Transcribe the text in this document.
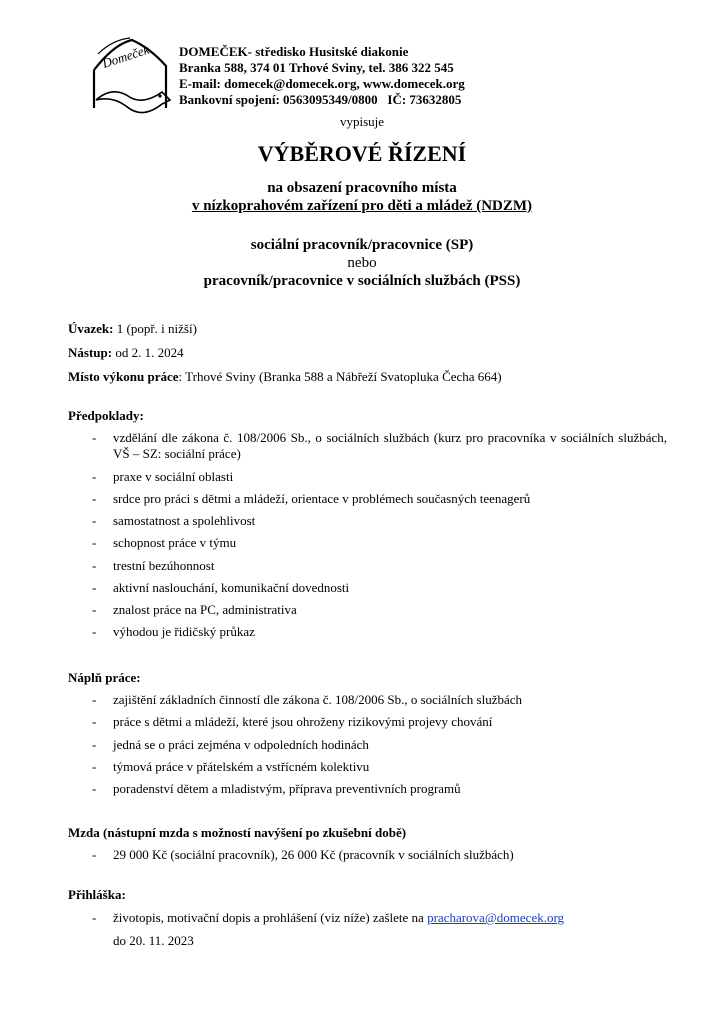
Domeček DOMEČEK- středisko Husitské diakonie
Branka 588, 374 01 Trhové Sviny, tel. 386 322 545
E-mail: domecek@domecek.org, www.domecek.org
Bankovní spojení: 0563095349/0800   IČ: 73632805
vypisuje
VÝBĚROVÉ ŘÍZENÍ
na obsazení pracovního místa
v nízkoprahovém zařízení pro děti a mládež (NDZM)
sociální pracovník/pracovnice (SP)
nebo
pracovník/pracovnice v sociálních službách (PSS)
Úvazek: 1 (popř. i nižší)
Nástup: od 2. 1. 2024
Místo výkonu práce: Trhové Sviny (Branka 588 a Nábřeží Svatopluka Čecha 664)
Předpoklady:
- vzdělání dle zákona č. 108/2006 Sb., o sociálních službách (kurz pro pracovníka v sociálních službách, VŠ – SZ: sociální práce)
- praxe v sociální oblasti
- srdce pro práci s dětmi a mládeží, orientace v problémech současných teenagerů
- samostatnost a spolehlivost
- schopnost práce v týmu
- trestní bezúhonnost
- aktivní naslouchání, komunikační dovednosti
- znalost práce na PC, administrativa
- výhodou je řidičský průkaz
Náplň práce:
- zajištění základních činností dle zákona č. 108/2006 Sb., o sociálních službách
- práce s dětmi a mládeží, které jsou ohroženy rizikovými projevy chování
- jedná se o práci zejména v odpoledních hodinách
- týmová práce v přátelském a vstřícném kolektivu
- poradenství dětem a mladistvým, příprava preventivních programů
Mzda (nástupní mzda s možností navýšení po zkušební době)
- 29 000 Kč (sociální pracovník), 26 000 Kč (pracovník v sociálních službách)
Přihláška:
- životopis, motivační dopis a prohlášení (viz níže) zašlete na pracharova@domecek.org
do 20. 11. 2023
